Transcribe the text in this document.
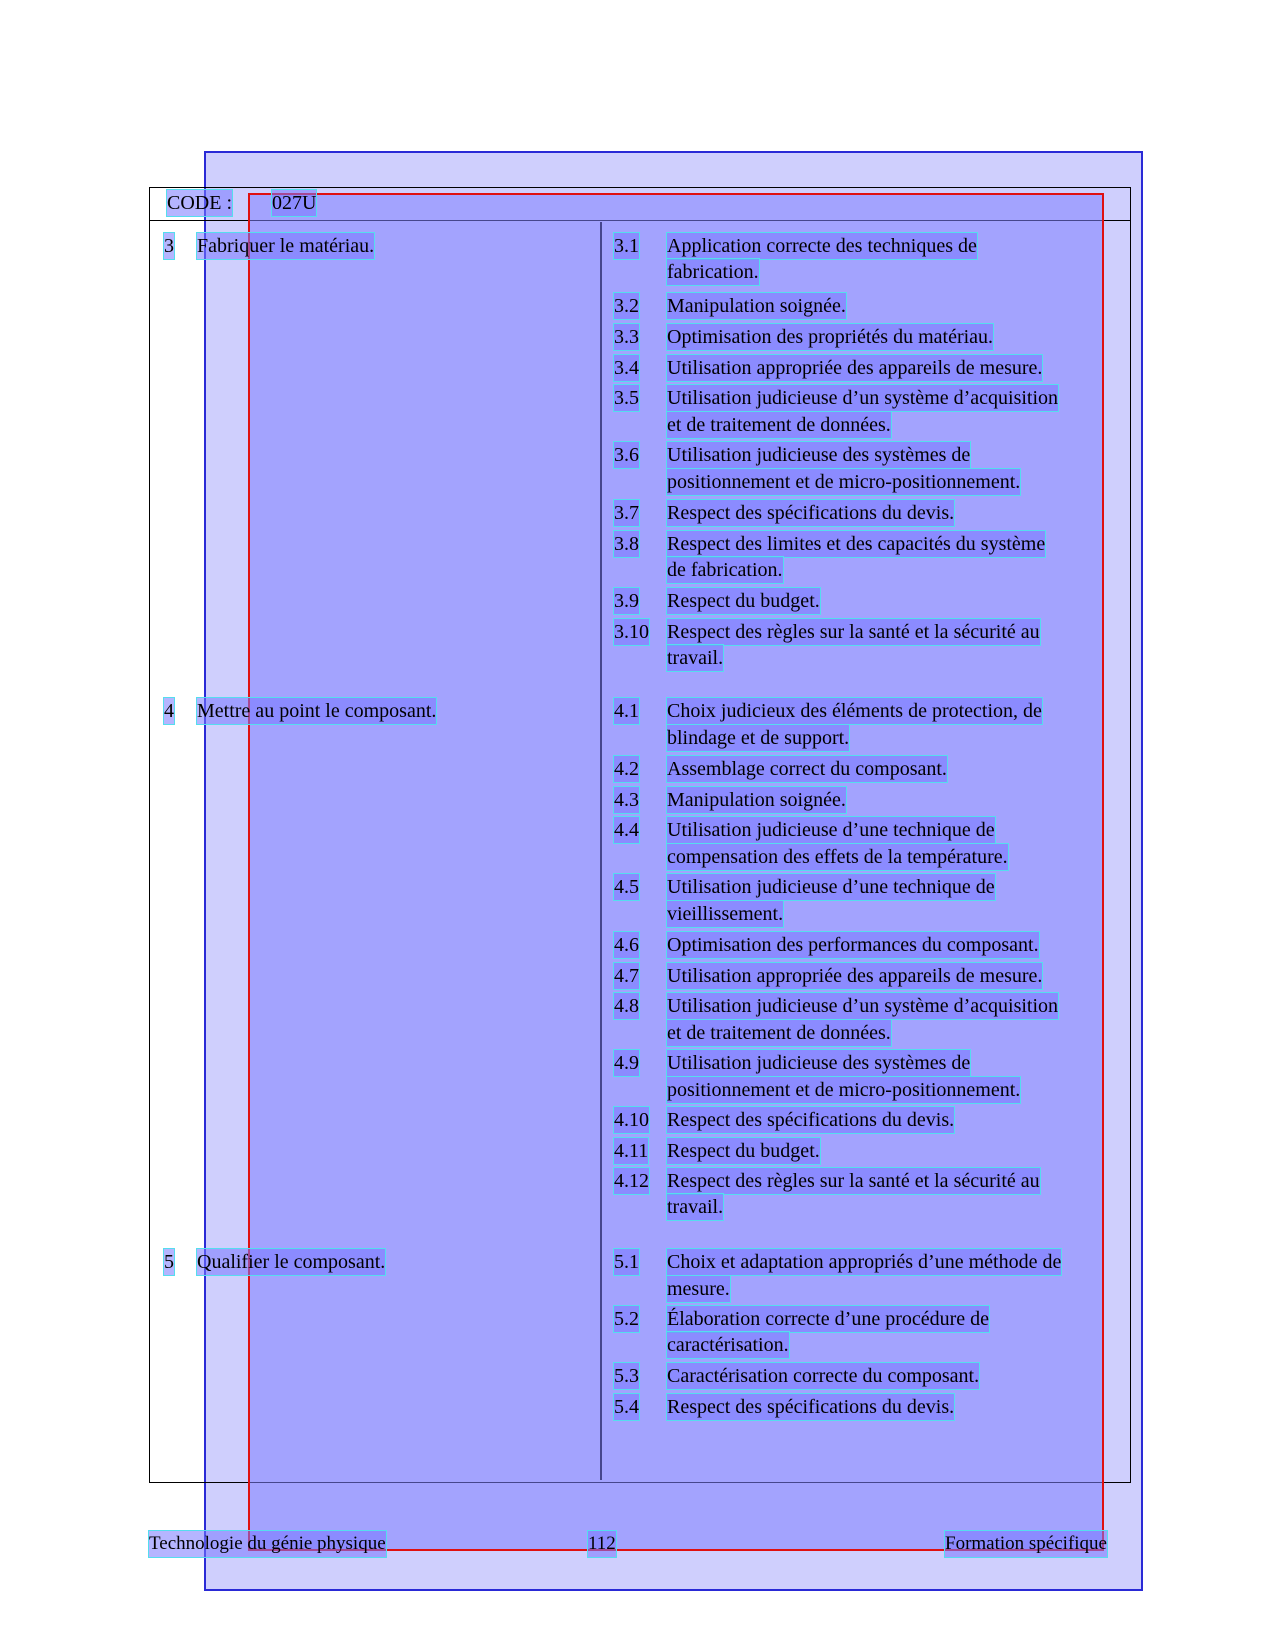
CODE : 027U
3 Fabriquer le matériau.	3.1 Application correcte des techniques de
fabrication.
3.2 Manipulation soignée.
3.3 Optimisation des propriétés du matériau.
3.4 Utilisation appropriée des appareils de mesure.
3.5 Utilisation judicieuse d’un système d’acquisition
et de traitement de données.
3.6 Utilisation judicieuse des systèmes de
positionnement et de micro-positionnement.
3.7 Respect des spécifications du devis.
3.8 Respect des limites et des capacités du système
de fabrication.
3.9 Respect du budget.
3.10 Respect des règles sur la santé et la sécurité au
travail.
4 Mettre au point le composant.	4.1 Choix judicieux des éléments de protection, de
blindage et de support.
4.2 Assemblage correct du composant.
4.3 Manipulation soignée.
4.4 Utilisation judicieuse d’une technique de
compensation des effets de la température.
4.5 Utilisation judicieuse d’une technique de
vieillissement.
4.6 Optimisation des performances du composant.
4.7 Utilisation appropriée des appareils de mesure.
4.8 Utilisation judicieuse d’un système d’acquisition
et de traitement de données.
4.9 Utilisation judicieuse des systèmes de
positionnement et de micro-positionnement.
4.10 Respect des spécifications du devis.
4.11 Respect du budget.
4.12 Respect des règles sur la santé et la sécurité au
travail.
5 Qualifier le composant.	5.1 Choix et adaptation appropriés d’une méthode de
mesure.
5.2 Élaboration correcte d’une procédure de
caractérisation.
5.3 Caractérisation correcte du composant.
5.4 Respect des spécifications du devis.
Technologie du génie physique	112	Formation spécifique
